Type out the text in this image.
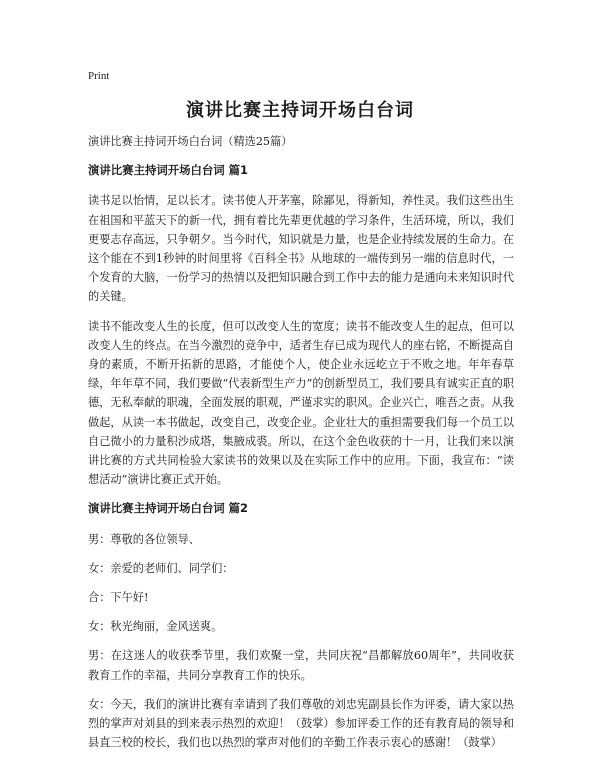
Print
演讲比赛主持词开场白台词

演讲比赛主持词开场白台词（精选25篇）

演讲比赛主持词开场白台词 篇1

读书足以怡情，足以长才。读书使人开茅塞，除鄙见，得新知，养性灵。我们这些出生在祖国和平蓝天下的新一代，拥有着比先辈更优越的学习条件，生活环境，所以，我们更要志存高远，只争朝夕。当今时代，知识就是力量，也是企业持续发展的生命力。在这个能在不到1秒钟的时间里将《百科全书》从地球的一端传到另一端的信息时代，一个发育的大脑，一份学习的热情以及把知识融合到工作中去的能力是通向未来知识时代的关键。

读书不能改变人生的长度，但可以改变人生的宽度；读书不能改变人生的起点，但可以改变人生的终点。在当今激烈的竞争中，适者生存已成为现代人的座右铭，不断提高自身的素质，不断开拓新的思路，才能使个人，使企业永远屹立于不败之地。年年春草绿，年年草不同，我们要做“代表新型生产力”的创新型员工，我们要具有诚实正直的职德，无私奉献的职魂，全面发展的职观，严谨求实的职风。企业兴亡，唯吾之责。从我做起，从读一本书做起，改变自己，改变企业。企业壮大的重担需要我们每一个员工以自己微小的力量积沙成塔，集腋成裘。所以，在这个金色收获的十一月，让我们来以演讲比赛的方式共同检验大家读书的效果以及在实际工作中的应用。下面，我宣布：“读想活动”演讲比赛正式开始。

演讲比赛主持词开场白台词 篇2

男：尊敬的各位领导、

女：亲爱的老师们、同学们：

合：下午好!

女：秋光绚丽，金风送爽。

男：在这迷人的收获季节里，我们欢聚一堂，共同庆祝“昌都解放60周年”，共同收获教育工作的幸福，共同分享教育工作的快乐。

女：今天，我们的演讲比赛有幸请到了我们尊敬的刘忠宪副县长作为评委，请大家以热烈的掌声对刘县的到来表示热烈的欢迎！（鼓掌）参加评委工作的还有教育局的领导和县直三校的校长，我们也以热烈的掌声对他们的辛勤工作表示衷心的感谢！（鼓掌）
